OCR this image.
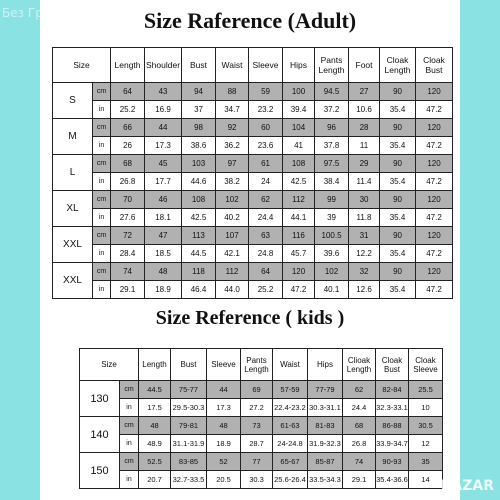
Без Граница Базар Size Raference (Adult)
Size		Length	Shoulder	Bust	Waist	Sleeve	Hips	Pants Length	Foot	Cloak Length	Cloak Bust
S	cm	64	43	94	88	59	100	94.5	27	90	120
	in	25.2	16.9	37	34.7	23.2	39.4	37.2	10.6	35.4	47.2
M	cm	66	44	98	92	60	104	96	28	90	120
	in	26	17.3	38.6	36.2	23.6	41	37.8	11	35.4	47.2
L	cm	68	45	103	97	61	108	97.5	29	90	120
	in	26.8	17.7	44.6	38.2	24	42.5	38.4	11.4	35.4	47.2
XL	cm	70	46	108	102	62	112	99	30	90	120
	in	27.6	18.1	42.5	40.2	24.4	44.1	39	11.8	35.4	47.2
XXL	cm	72	47	113	107	63	116	100.5	31	90	120
	in	28.4	18.5	44.5	42.1	24.8	45.7	39.6	12.2	35.4	47.2
XXL	cm	74	48	118	112	64	120	102	32	90	120
	in	29.1	18.9	46.4	44.0	25.2	47.2	40.1	12.6	35.4	47.2
Size Reference ( kids )
Size		Length	Bust	Sleeve	Pants Length	Waist	Hips	Clioak Length	Cloak Bust	Cloak Sleeve
130	cm	44.5	75-77	44	69	57-59	77-79	62	82-84	25.5
	in	17.5	29.5-30.3	17.3	27.2	22.4-23.2	30.3-31.1	24.4	32.3-33.1	10
140	cm	48	79-81	48	73	61-63	81-83	68	86-88	30.5
	in	48.9	31.1-31.9	18.9	28.7	24-24.8	31.9-32.3	26.8	33.9-34.7	12
150	cm	52.5	83-85	52	77	65-67	85-87	74	90-93	35
	in	20.7	32.7-33.5	20.5	30.3	25.6-26.4	33.5-34.3	29.1	35.4-36.6	14 BAZAR
